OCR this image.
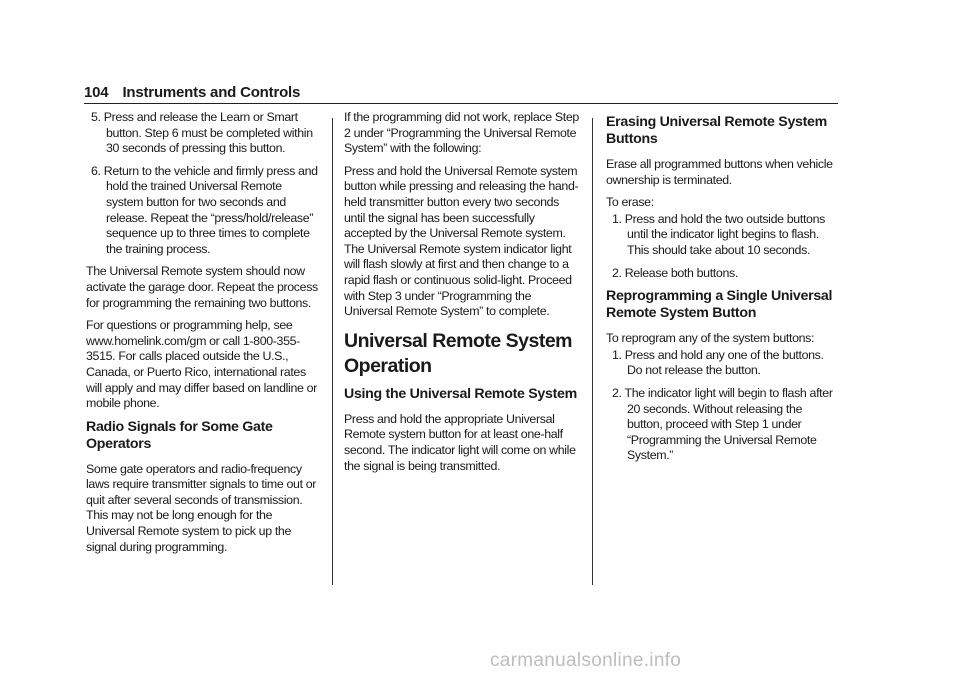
104 Instruments and Controls

5. Press and release the Learn or Smart button. Step 6 must be completed within 30 seconds of pressing this button.

6. Return to the vehicle and firmly press and hold the trained Universal Remote system button for two seconds and release. Repeat the “press/hold/release” sequence up to three times to complete the training process.

The Universal Remote system should now activate the garage door. Repeat the process for programming the remaining two buttons.

For questions or programming help, see www.homelink.com/gm or call 1-800-355-3515. For calls placed outside the U.S., Canada, or Puerto Rico, international rates will apply and may differ based on landline or mobile phone.

Radio Signals for Some Gate Operators

Some gate operators and radio-frequency laws require transmitter signals to time out or quit after several seconds of transmission. This may not be long enough for the Universal Remote system to pick up the signal during programming.

If the programming did not work, replace Step 2 under “Programming the Universal Remote System” with the following:

Press and hold the Universal Remote system button while pressing and releasing the hand-held transmitter button every two seconds until the signal has been successfully accepted by the Universal Remote system. The Universal Remote system indicator light will flash slowly at first and then change to a rapid flash or continuous solid-light. Proceed with Step 3 under “Programming the Universal Remote System” to complete.

Universal Remote System Operation
Using the Universal Remote System

Press and hold the appropriate Universal Remote system button for at least one-half second. The indicator light will come on while the signal is being transmitted.

Erasing Universal Remote System Buttons

Erase all programmed buttons when vehicle ownership is terminated.

To erase:

1. Press and hold the two outside buttons until the indicator light begins to flash. This should take about 10 seconds.

2. Release both buttons.

Reprogramming a Single Universal Remote System Button

To reprogram any of the system buttons:

1. Press and hold any one of the buttons. Do not release the button.

2. The indicator light will begin to flash after 20 seconds. Without releasing the button, proceed with Step 1 under “Programming the Universal Remote System.”

carmanualsonline.info
